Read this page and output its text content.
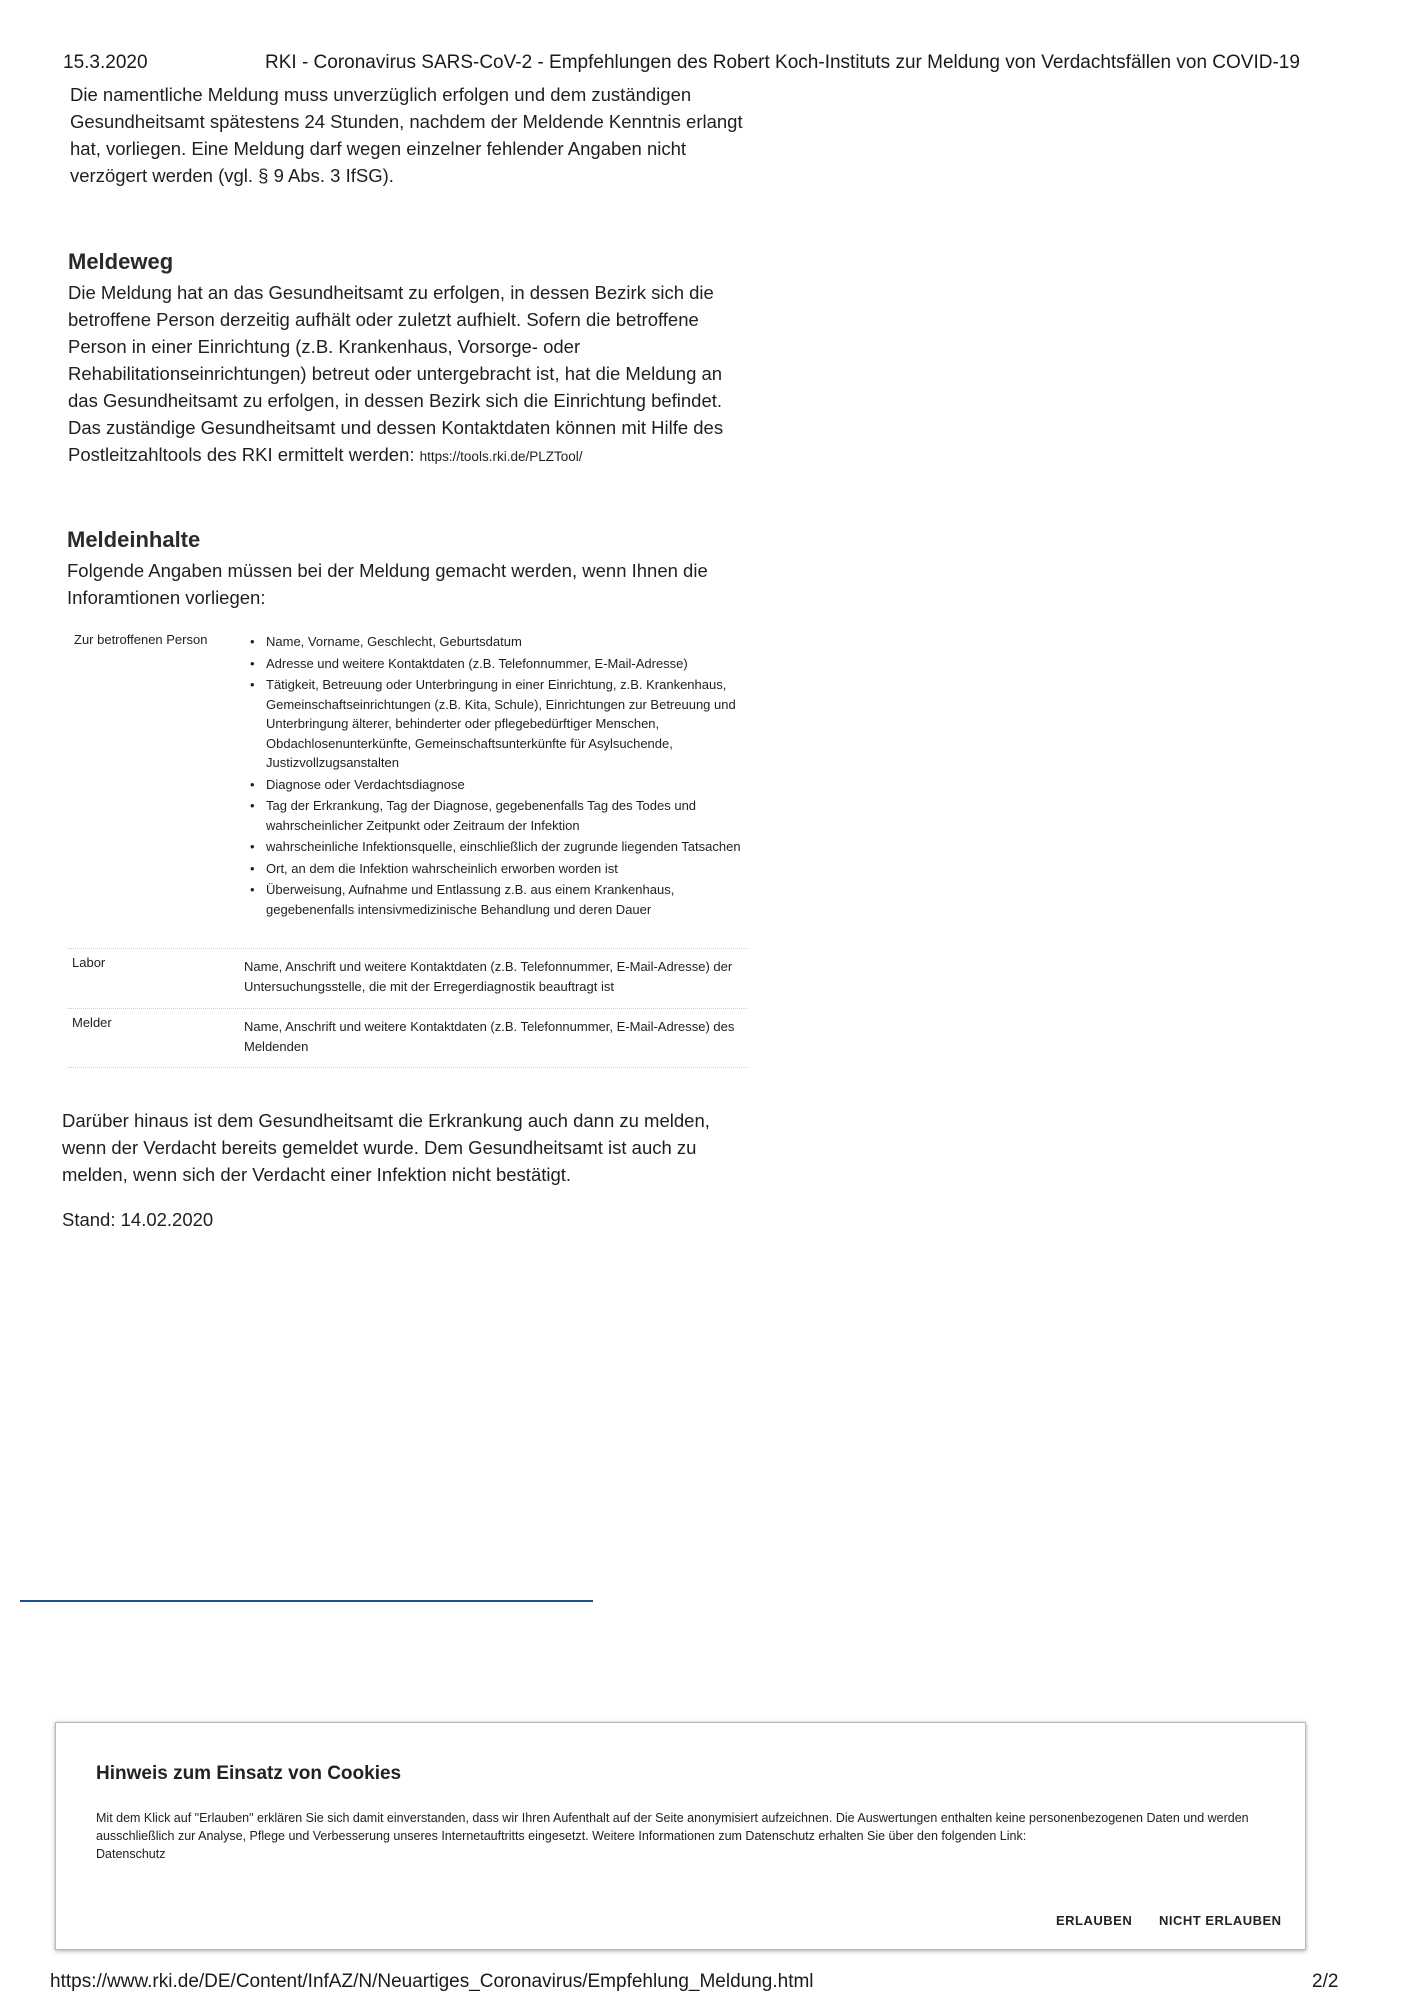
15.3.2020	RKI - Coronavirus SARS-CoV-2 - Empfehlungen des Robert Koch-Instituts zur Meldung von Verdachtsfällen von COVID-19
Die namentliche Meldung muss unverzüglich erfolgen und dem zuständigen
Gesundheitsamt spätestens 24 Stunden, nachdem der Meldende Kenntnis erlangt
hat, vorliegen. Eine Meldung darf wegen einzelner fehlender Angaben nicht
verzögert werden (vgl. § 9 Abs. 3 IfSG).
Meldeweg
Die Meldung hat an das Gesundheitsamt zu erfolgen, in dessen Bezirk sich die
betroffene Person derzeitig aufhält oder zuletzt aufhielt. Sofern die betroffene
Person in einer Einrichtung (z.B. Krankenhaus, Vorsorge- oder
Rehabilitationseinrichtungen) betreut oder untergebracht ist, hat die Meldung an
das Gesundheitsamt zu erfolgen, in dessen Bezirk sich die Einrichtung befindet.
Das zuständige Gesundheitsamt und dessen Kontaktdaten können mit Hilfe des
Postleitzahltools des RKI ermittelt werden: https://tools.rki.de/PLZTool/
Meldeinhalte
Folgende Angaben müssen bei der Meldung gemacht werden, wenn Ihnen die
Inforamtionen vorliegen:
Zur betroffenen Person
•	Name, Vorname, Geschlecht, Geburtsdatum
• Adresse und weitere Kontaktdaten (z.B. Telefonnummer, E-Mail-Adresse)
• Tätigkeit, Betreuung oder Unterbringung in einer Einrichtung, z.B. Krankenhaus, Gemeinschaftseinrichtungen (z.B. Kita, Schule), Einrichtungen zur Betreuung und Unterbringung älterer, behinderter oder pflegebedürftiger Menschen, Obdachlosenunterkünfte, Gemeinschaftsunterkünfte für Asylsuchende, Justizvollzugsanstalten
• Diagnose oder Verdachtsdiagnose
• Tag der Erkrankung, Tag der Diagnose, gegebenenfalls Tag des Todes und wahrscheinlicher Zeitpunkt oder Zeitraum der Infektion
• wahrscheinliche Infektionsquelle, einschließlich der zugrunde liegenden Tatsachen
• Ort, an dem die Infektion wahrscheinlich erworben worden ist
• Überweisung, Aufnahme und Entlassung z.B. aus einem Krankenhaus, gegebenenfalls intensivmedizinische Behandlung und deren Dauer
Labor	Name, Anschrift und weitere Kontaktdaten (z.B. Telefonnummer, E-Mail-Adresse) der Untersuchungsstelle, die mit der Erregerdiagnostik beauftragt ist
Melder	Name, Anschrift und weitere Kontaktdaten (z.B. Telefonnummer, E-Mail-Adresse) des Meldenden
Darüber hinaus ist dem Gesundheitsamt die Erkrankung auch dann zu melden,
wenn der Verdacht bereits gemeldet wurde. Dem Gesundheitsamt ist auch zu
melden, wenn sich der Verdacht einer Infektion nicht bestätigt.
Stand: 14.02.2020
Hinweis zum Einsatz von Cookies
Mit dem Klick auf "Erlauben" erklären Sie sich damit einverstanden, dass wir Ihren Aufenthalt auf der Seite anonymisiert aufzeichnen. Die Auswertungen enthalten keine personenbezogenen Daten und werden ausschließlich zur Analyse, Pflege und Verbesserung unseres Internetauftritts eingesetzt. Weitere Informationen zum Datenschutz erhalten Sie über den folgenden Link:
Datenschutz
ERLAUBEN NICHT ERLAUBEN
https://www.rki.de/DE/Content/InfAZ/N/Neuartiges_Coronavirus/Empfehlung_Meldung.html	2/2
